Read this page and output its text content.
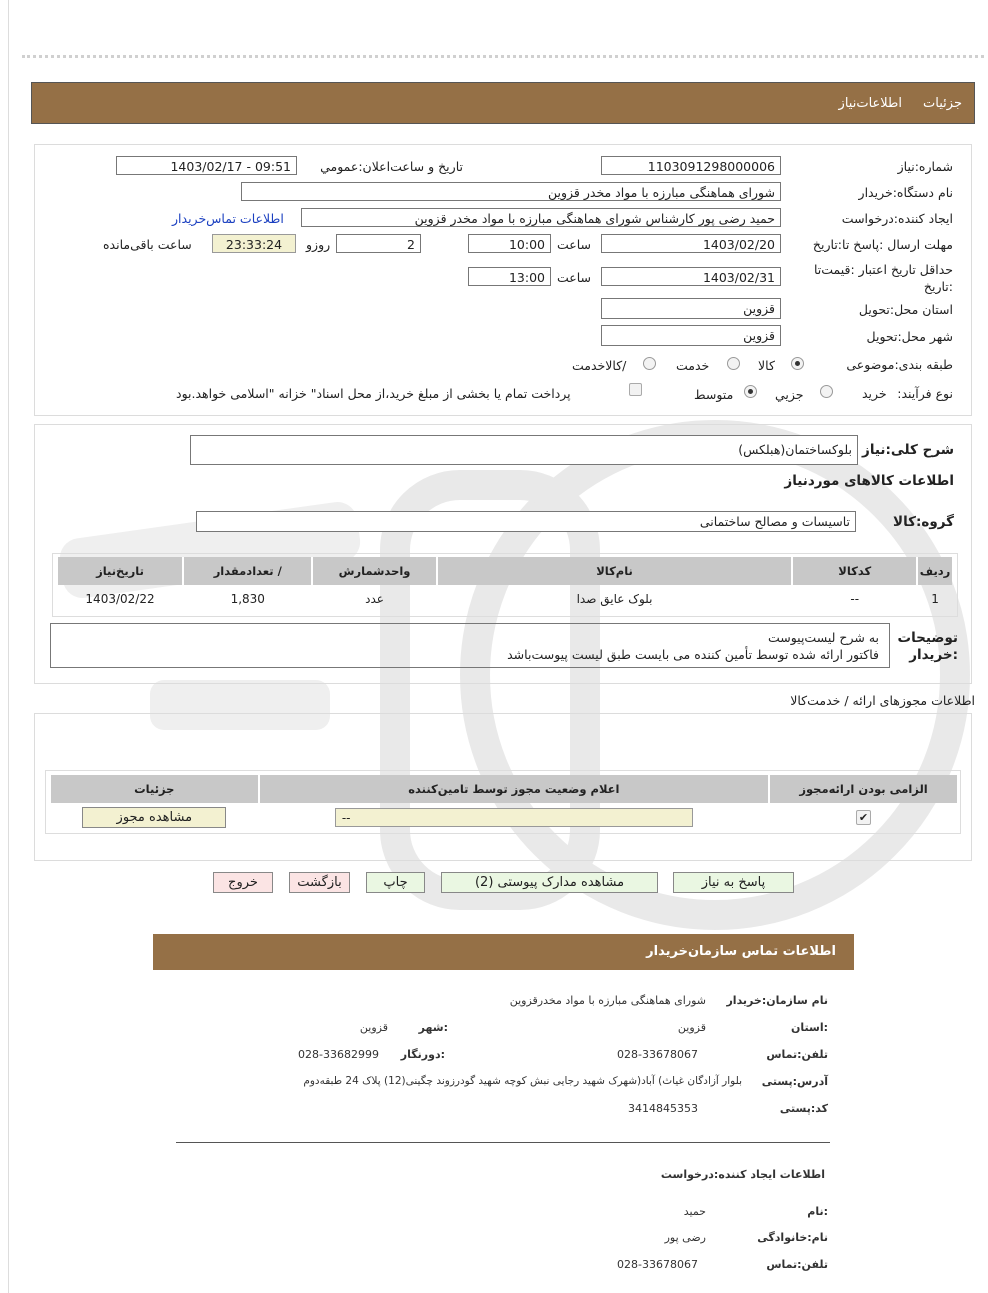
اطلاعات‌نیاز جزئیات
شماره:نیاز
1103091298000006
تاریخ و ساعت‌اعلان:عمومي
1403/02/17 - 09:51
نام دستگاه:خریدار
شورای هماهنگی مبارزه با مواد مخدر قزوین
ایجاد کننده:درخواست
حمید رضی پور کارشناس شورای هماهنگی مبارزه با مواد مخدر قزوین
اطلاعات تماس‌خریدار
مهلت ارسال :پاسخ تا:تاریخ
1403/02/20
ساعت
10:00
2
روزو
23:33:24
ساعت باقی‌مانده
حداقل تاریخ اعتبار :قیمت‌تا :تاریخ
1403/02/31
ساعت
13:00
استان محل:تحویل
قزوین
شهر محل:تحویل
قزوین
طبقه بندی:موضوعی
کالا
خدمت
/کالاخدمت
نوع فرآیند:
خرید
جزیي
متوسط
پرداخت تمام یا بخشی از مبلغ خرید،از محل اسناد" خزانه "اسلامی خواهد.بود
شرح کلی:نیاز
بلوکساختمان(هبلکس)
اطلاعات کالاهای موردنیاز
گروه:کالا
تاسیسات و مصالح ساختمانی
ردیف	کدکالا	نام‌کالا	واحدشمارش	/ تعدادمقدار	تاریخ‌نیاز
1	--	بلوک عایق صدا	عدد	1,830	1403/02/22
توضیحات :خریدار
به شرح لیست‌پیوست
فاکتور ارائه شده توسط تأمین کننده می بایست طبق لیست پیوست‌باشد
اطلاعات مجوزهای ارائه / خدمت‌کالا
الزامی بودن ارائه‌مجوز	اعلام وضعیت مجوز توسط تامین‌کننده	جزئیات
✔	--	مشاهده مجوز
پاسخ به نیاز
مشاهده مدارک پیوستی (2)
چاپ
بازگشت
خروج
اطلاعات تماس سازمان‌خریدار
نام سازمان:خریدار
شورای هماهنگی مبارزه با مواد مخدرقزوین
:استان
قزوین
:شهر
قزوین
تلفن:تماس
028-33678067
:دورنگار
028-33682999
آدرس:پستی
بلوار آزادگان غیاث) آباد(شهرک شهید رجایی نبش کوچه شهید گودرزوند چگینی(12) پلاک 24 طبقه‌دوم
کد:پستی
3414845353
اطلاعات ایجاد کننده:درخواست
:نام
حمید
نام:خانوادگی
رضی پور
تلفن:تماس
028-33678067
